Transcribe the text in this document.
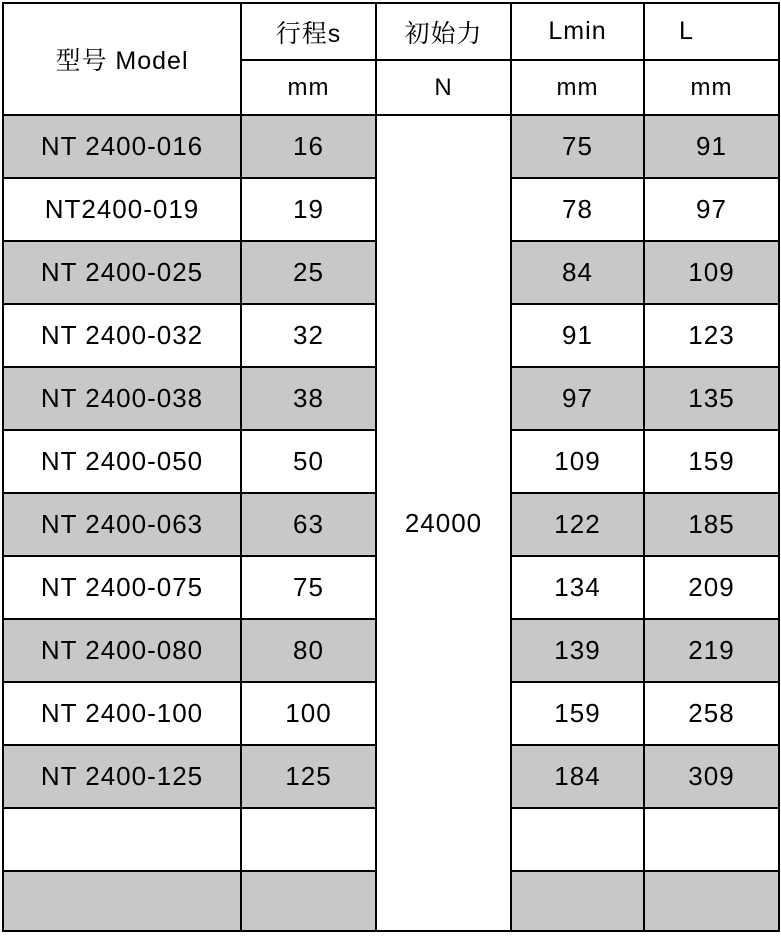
型号 Model	行程s	初始力	Lmin	L
	mm	N	mm	mm
NT 2400-016	16	24000	75	91
NT2400-019	19		78	97
NT 2400-025	25		84	109
NT 2400-032	32		91	123
NT 2400-038	38		97	135
NT 2400-050	50		109	159
NT 2400-063	63		122	185
NT 2400-075	75		134	209
NT 2400-080	80		139	219
NT 2400-100	100		159	258
NT 2400-125	125		184	309
